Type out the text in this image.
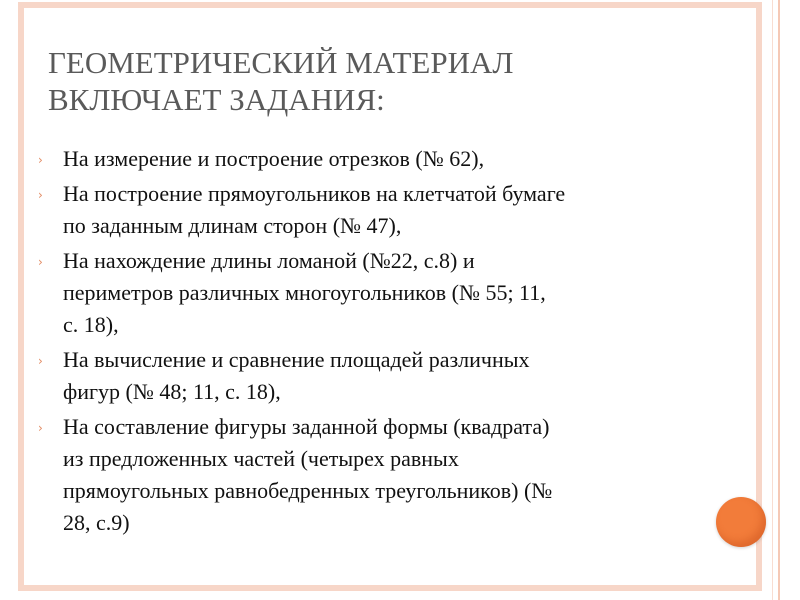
ГЕОМЕТРИЧЕСКИЙ МАТЕРИАЛ
ВКЛЮЧАЕТ ЗАДАНИЯ:
› На измерение и построение отрезков (№ 62),
› На построение прямоугольников на клетчатой бумаге
по заданным длинам сторон (№ 47),
› На нахождение длины ломаной (№22, с.8) и
периметров различных многоугольников (№ 55; 11,
с. 18),
› На вычисление и сравнение площадей различных
фигур (№ 48; 11, с. 18),
› На составление фигуры заданной формы (квадрата)
из предложенных частей (четырех равных
прямоугольных равнобедренных треугольников) (№
28, с.9)
